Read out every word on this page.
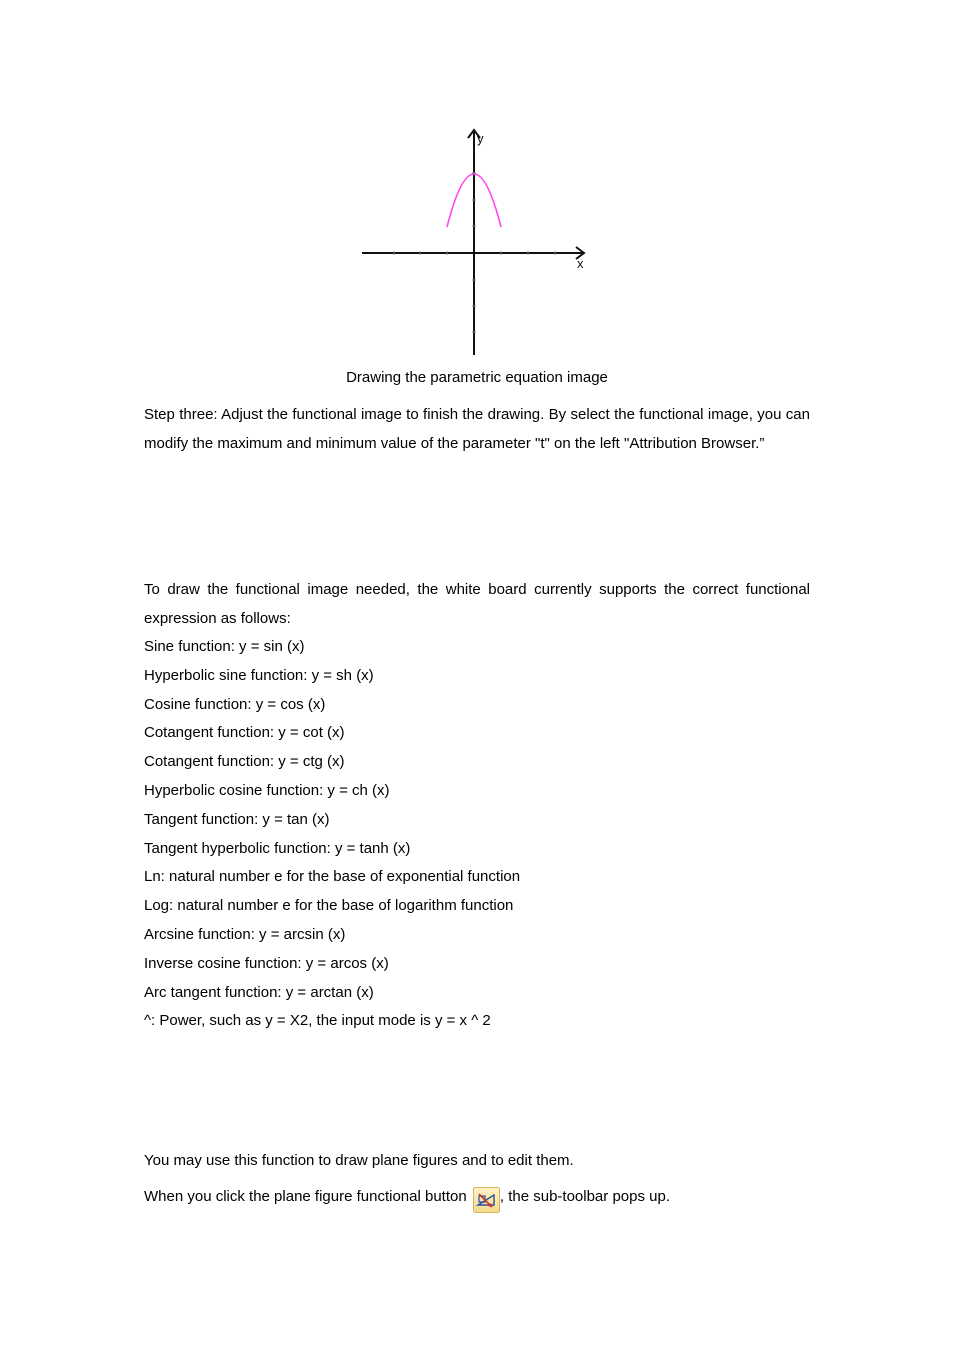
y
x
Drawing the parametric equation image

Step three: Adjust the functional image to finish the drawing. By select the functional image, you can modify the maximum and minimum value of the parameter "t" on the left "Attribution Browser.”

To draw the functional image needed, the white board currently supports the correct functional expression as follows:

Sine function: y = sin (x)
Hyperbolic sine function: y = sh (x)
Cosine function: y = cos (x)
Cotangent function: y = cot (x)
Cotangent function: y = ctg (x)
Hyperbolic cosine function: y = ch (x)
Tangent function: y = tan (x)
Tangent hyperbolic function: y = tanh (x)
Ln: natural number e for the base of exponential function
Log: natural number e for the base of logarithm function
Arcsine function: y = arcsin (x)
Inverse cosine function: y = arcos (x)
Arc tangent function: y = arctan (x)
^: Power, such as y = X2, the input mode is y = x ^ 2
You may use this function to draw plane figures and to edit them.
When you click the plane figure functional button , the sub-toolbar pops up.
